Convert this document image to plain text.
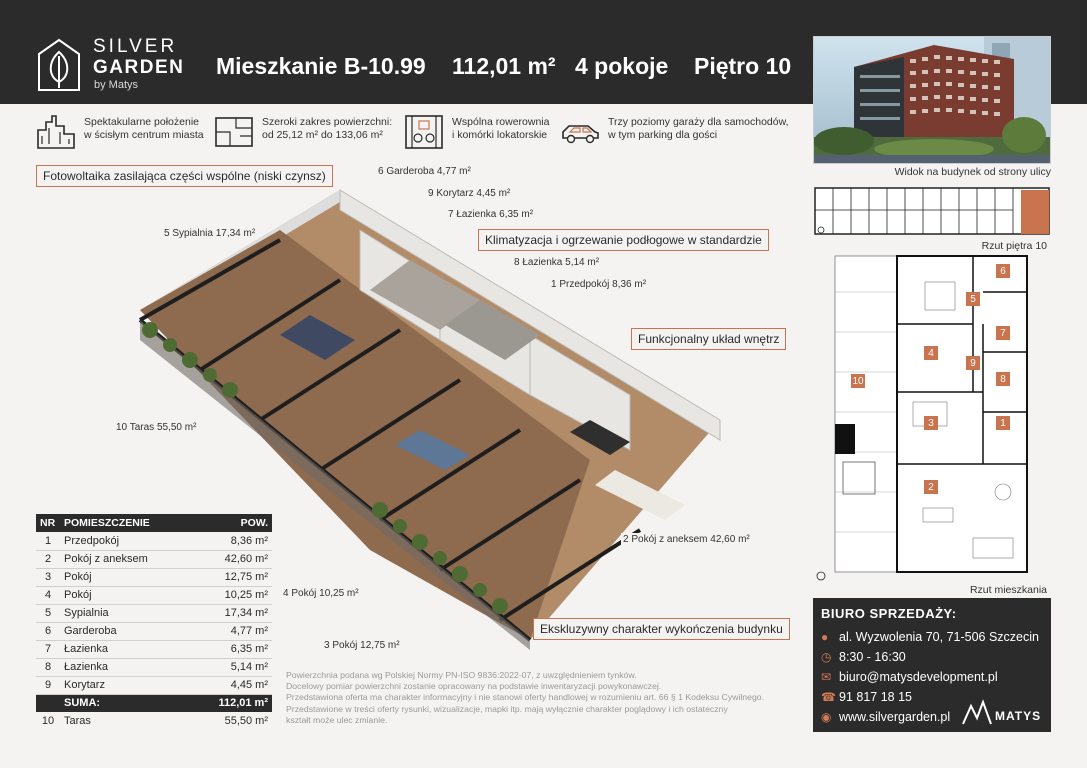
SILVER
GARDEN
by Matys
Mieszkanie B-10.99 112,01 m² 4 pokoje Piętro 10
Widok na budynek od strony ulicy
Spektakularne położenie
w ścisłym centrum miasta
Szeroki zakres powierzchni:
od 25,12 m² do 133,06 m²
Wspólna rowerownia
i komórki lokatorskie
Trzy poziomy garaży dla samochodów,
w tym parking dla gości
Fotowoltaika zasilająca części wspólne (niski czynsz)
Klimatyzacja i ogrzewanie podłogowe w standardzie
Funkcjonalny układ wnętrz
Ekskluzywny charakter wykończenia budynku
6 Garderoba 4,77 m²
9 Korytarz 4,45 m²
7 Łazienka 6,35 m²
5 Sypialnia 17,34 m²
8 Łazienka 5,14 m²
1 Przedpokój 8,36 m²
10 Taras 55,50 m²
2 Pokój z aneksem 42,60 m²
4 Pokój 10,25 m²
3 Pokój 12,75 m²
Rzut piętra 10
6
5
7
4
9
8
3	1
2
10
Rzut mieszkania
NR	POMIESZCZENIE	POW.
1	Przedpokój	8,36 m²
2	Pokój z aneksem	42,60 m²
3	Pokój	12,75 m²
4	Pokój	10,25 m²
5	Sypialnia	17,34 m²
6	Garderoba	4,77 m²
7	Łazienka	6,35 m²
8	Łazienka	5,14 m²
9	Korytarz	4,45 m²
	SUMA:	112,01 m²
10	Taras	55,50 m²
Powierzchnia podana wg Polskiej Normy PN-ISO 9836:2022-07, z uwzględnieniem tynków.
Docelowy pomiar powierzchni zostanie opracowany na podstawie inwentaryzacji powykonawczej.
Przedstawiona oferta ma charakter informacyjny i nie stanowi oferty handlowej w rozumieniu art. 66 § 1 Kodeksu Cywilnego.
Przedstawione w treści oferty rysunki, wizualizacje, mapki itp. mają wyłącznie charakter poglądowy i ich ostateczny
kształt może ulec zmianie.
BIURO SPRZEDAŻY:
● al. Wyzwolenia 70, 71-506 Szczecin
◷ 8:30 - 16:30
✉ biuro@matysdevelopment.pl
☎ 91 817 18 15
◉ www.silvergarden.pl	MATYS
